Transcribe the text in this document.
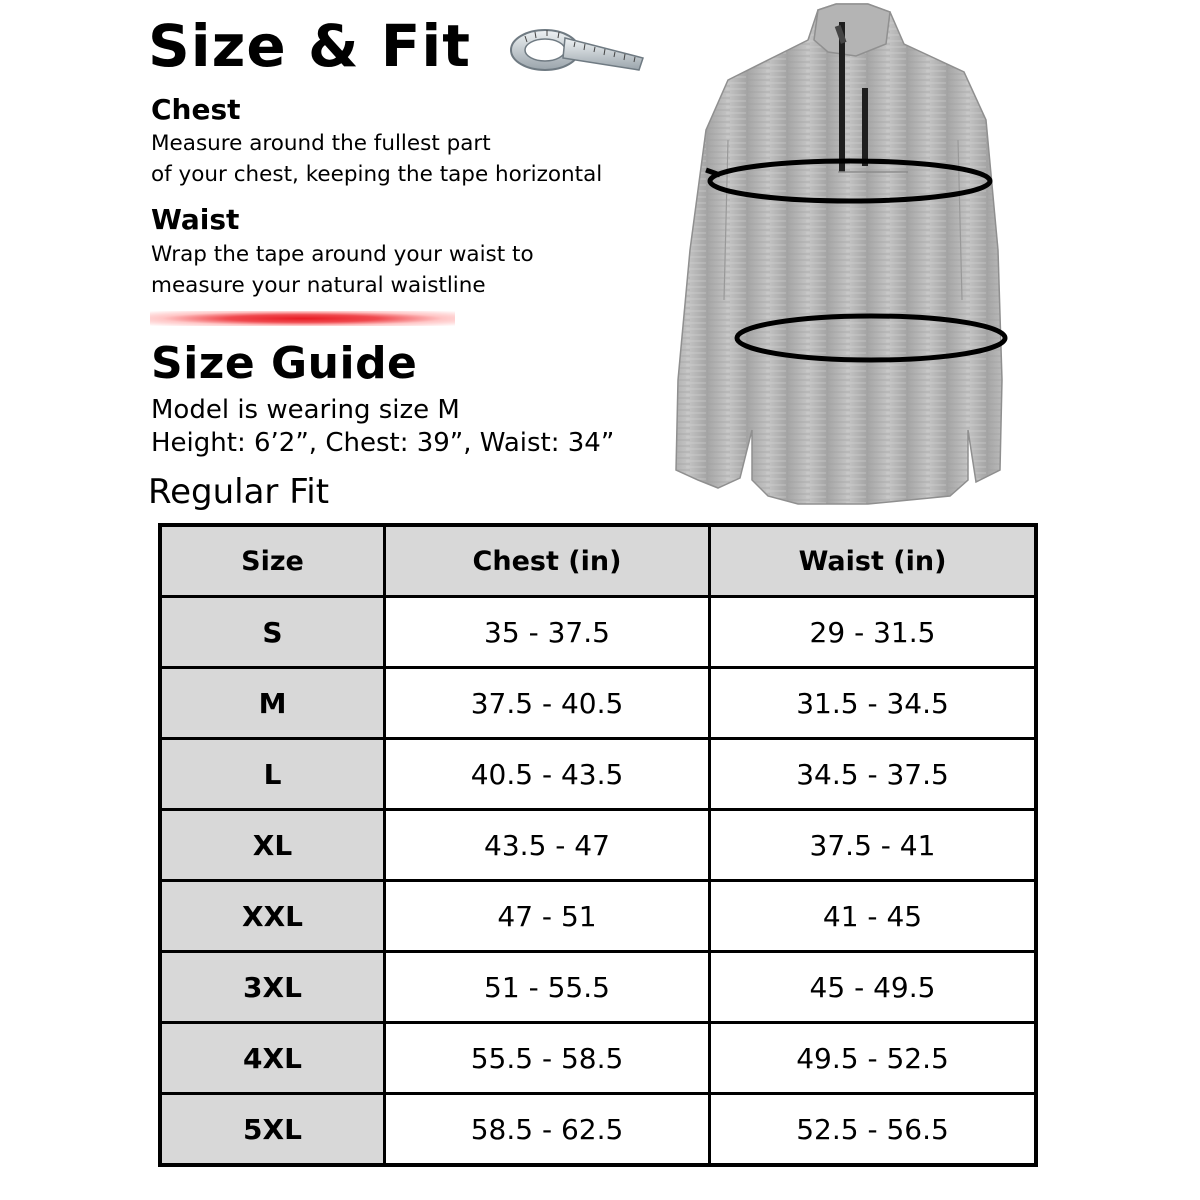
Size & Fit
Chest
Measure around the fullest part
of your chest, keeping the tape horizontal
Waist
Wrap the tape around your waist to
measure your natural waistline
Size Guide
Model is wearing size M
Height: 6’2”, Chest: 39”, Waist: 34”
Regular Fit
Size	Chest (in)	Waist (in)
S	35 - 37.5	29 - 31.5
M	37.5 - 40.5	31.5 - 34.5
L	40.5 - 43.5	34.5 - 37.5
XL	43.5 - 47	37.5 - 41
XXL	47 - 51	41 - 45
3XL	51 - 55.5	45 - 49.5
4XL	55.5 - 58.5	49.5 - 52.5
5XL	58.5 - 62.5	52.5 - 56.5
